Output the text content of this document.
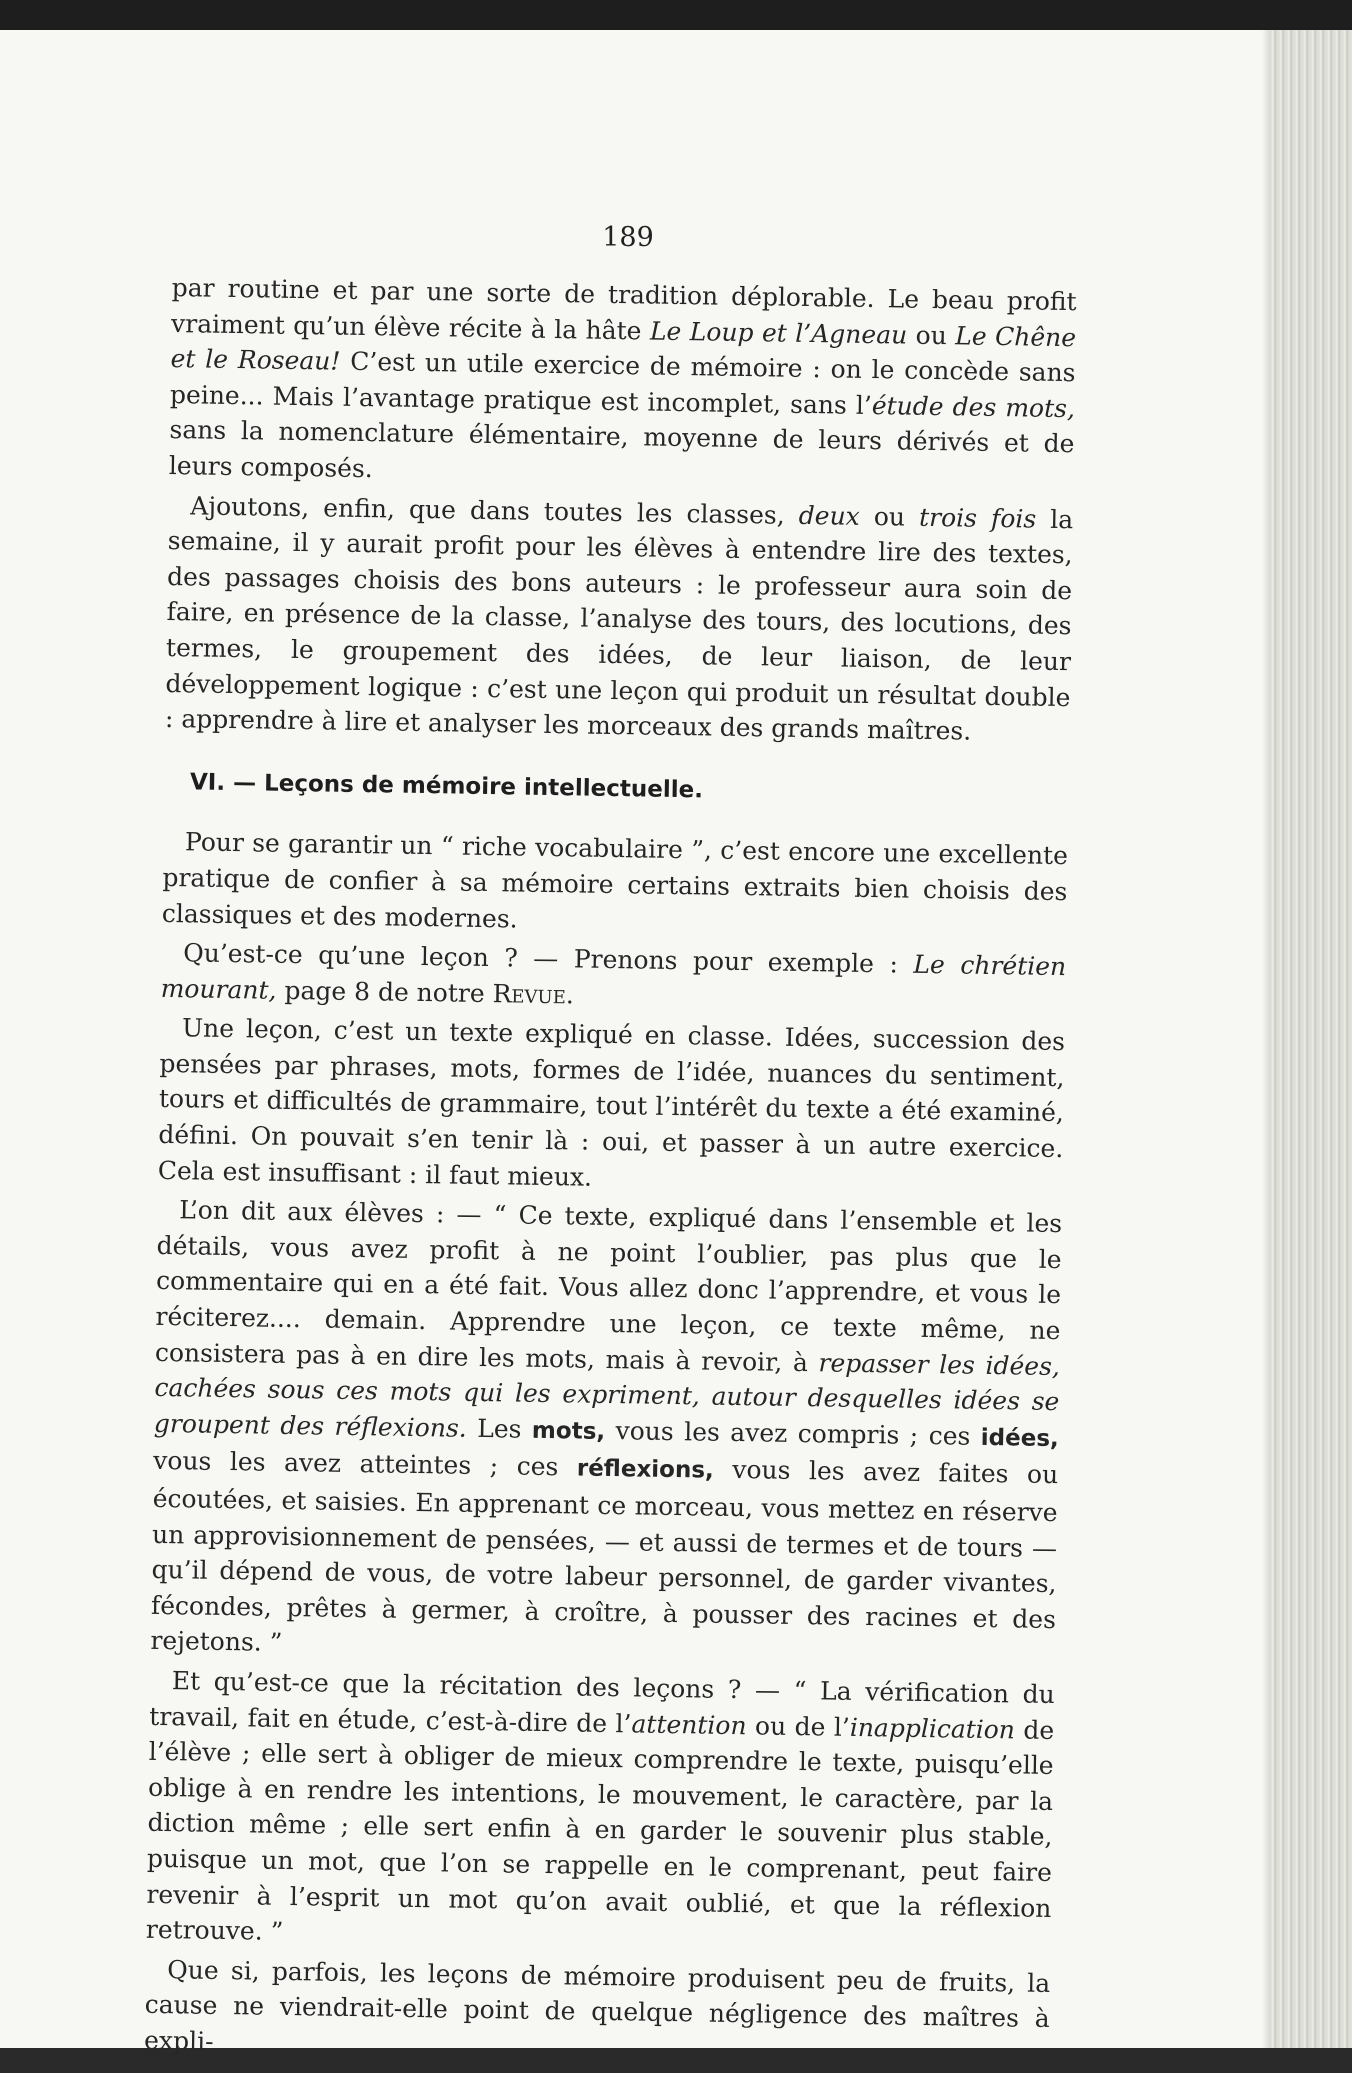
189

par routine et par une sorte de tradition déplorable. Le beau profit vraiment qu’un élève récite à la hâte Le Loup et l’Agneau ou Le Chêne et le Roseau! C’est un utile exercice de mémoire : on le concède sans peine... Mais l’avantage pratique est incomplet, sans l’étude des mots, sans la nomenclature élémentaire, moyenne de leurs dérivés et de leurs composés.

Ajoutons, enfin, que dans toutes les classes, deux ou trois fois la semaine, il y aurait profit pour les élèves à entendre lire des textes, des passages choisis des bons auteurs : le professeur aura soin de faire, en présence de la classe, l’analyse des tours, des locutions, des termes, le groupement des idées, de leur liaison, de leur développement logique : c’est une leçon qui produit un résultat double : apprendre à lire et analyser les morceaux des grands maîtres.

VI. — Leçons de mémoire intellectuelle.

Pour se garantir un “ riche vocabulaire ”, c’est encore une excellente pratique de confier à sa mémoire certains extraits bien choisis des classiques et des modernes.

Qu’est-ce qu’une leçon ? — Prenons pour exemple : Le chrétien mourant, page 8 de notre Revue.

Une leçon, c’est un texte expliqué en classe. Idées, succession des pensées par phrases, mots, formes de l’idée, nuances du sentiment, tours et difficultés de grammaire, tout l’intérêt du texte a été examiné, défini. On pouvait s’en tenir là : oui, et passer à un autre exercice. Cela est insuffisant : il faut mieux.

L’on dit aux élèves : — “ Ce texte, expliqué dans l’ensemble et les détails, vous avez profit à ne point l’oublier, pas plus que le commentaire qui en a été fait. Vous allez donc l’apprendre, et vous le réciterez.... demain. Apprendre une leçon, ce texte même, ne consistera pas à en dire les mots, mais à revoir, à repasser les idées, cachées sous ces mots qui les expriment, autour desquelles idées se groupent des réflexions. Les mots, vous les avez compris ; ces idées, vous les avez atteintes ; ces réflexions, vous les avez faites ou écoutées, et saisies. En apprenant ce morceau, vous mettez en réserve un approvisionnement de pensées, — et aussi de termes et de tours — qu’il dépend de vous, de votre labeur personnel, de garder vivantes, fécondes, prêtes à germer, à croître, à pousser des racines et des rejetons. ”

Et qu’est-ce que la récitation des leçons ? — “ La vérification du travail, fait en étude, c’est-à-dire de l’attention ou de l’inapplication de l’élève ; elle sert à obliger de mieux comprendre le texte, puisqu’elle oblige à en rendre les intentions, le mouvement, le caractère, par la diction même ; elle sert enfin à en garder le souvenir plus stable, puisque un mot, que l’on se rappelle en le comprenant, peut faire revenir à l’esprit un mot qu’on avait oublié, et que la réflexion retrouve. ”

Que si, parfois, les leçons de mémoire produisent peu de fruits, la cause ne viendrait-elle point de quelque négligence des maîtres à expli-
